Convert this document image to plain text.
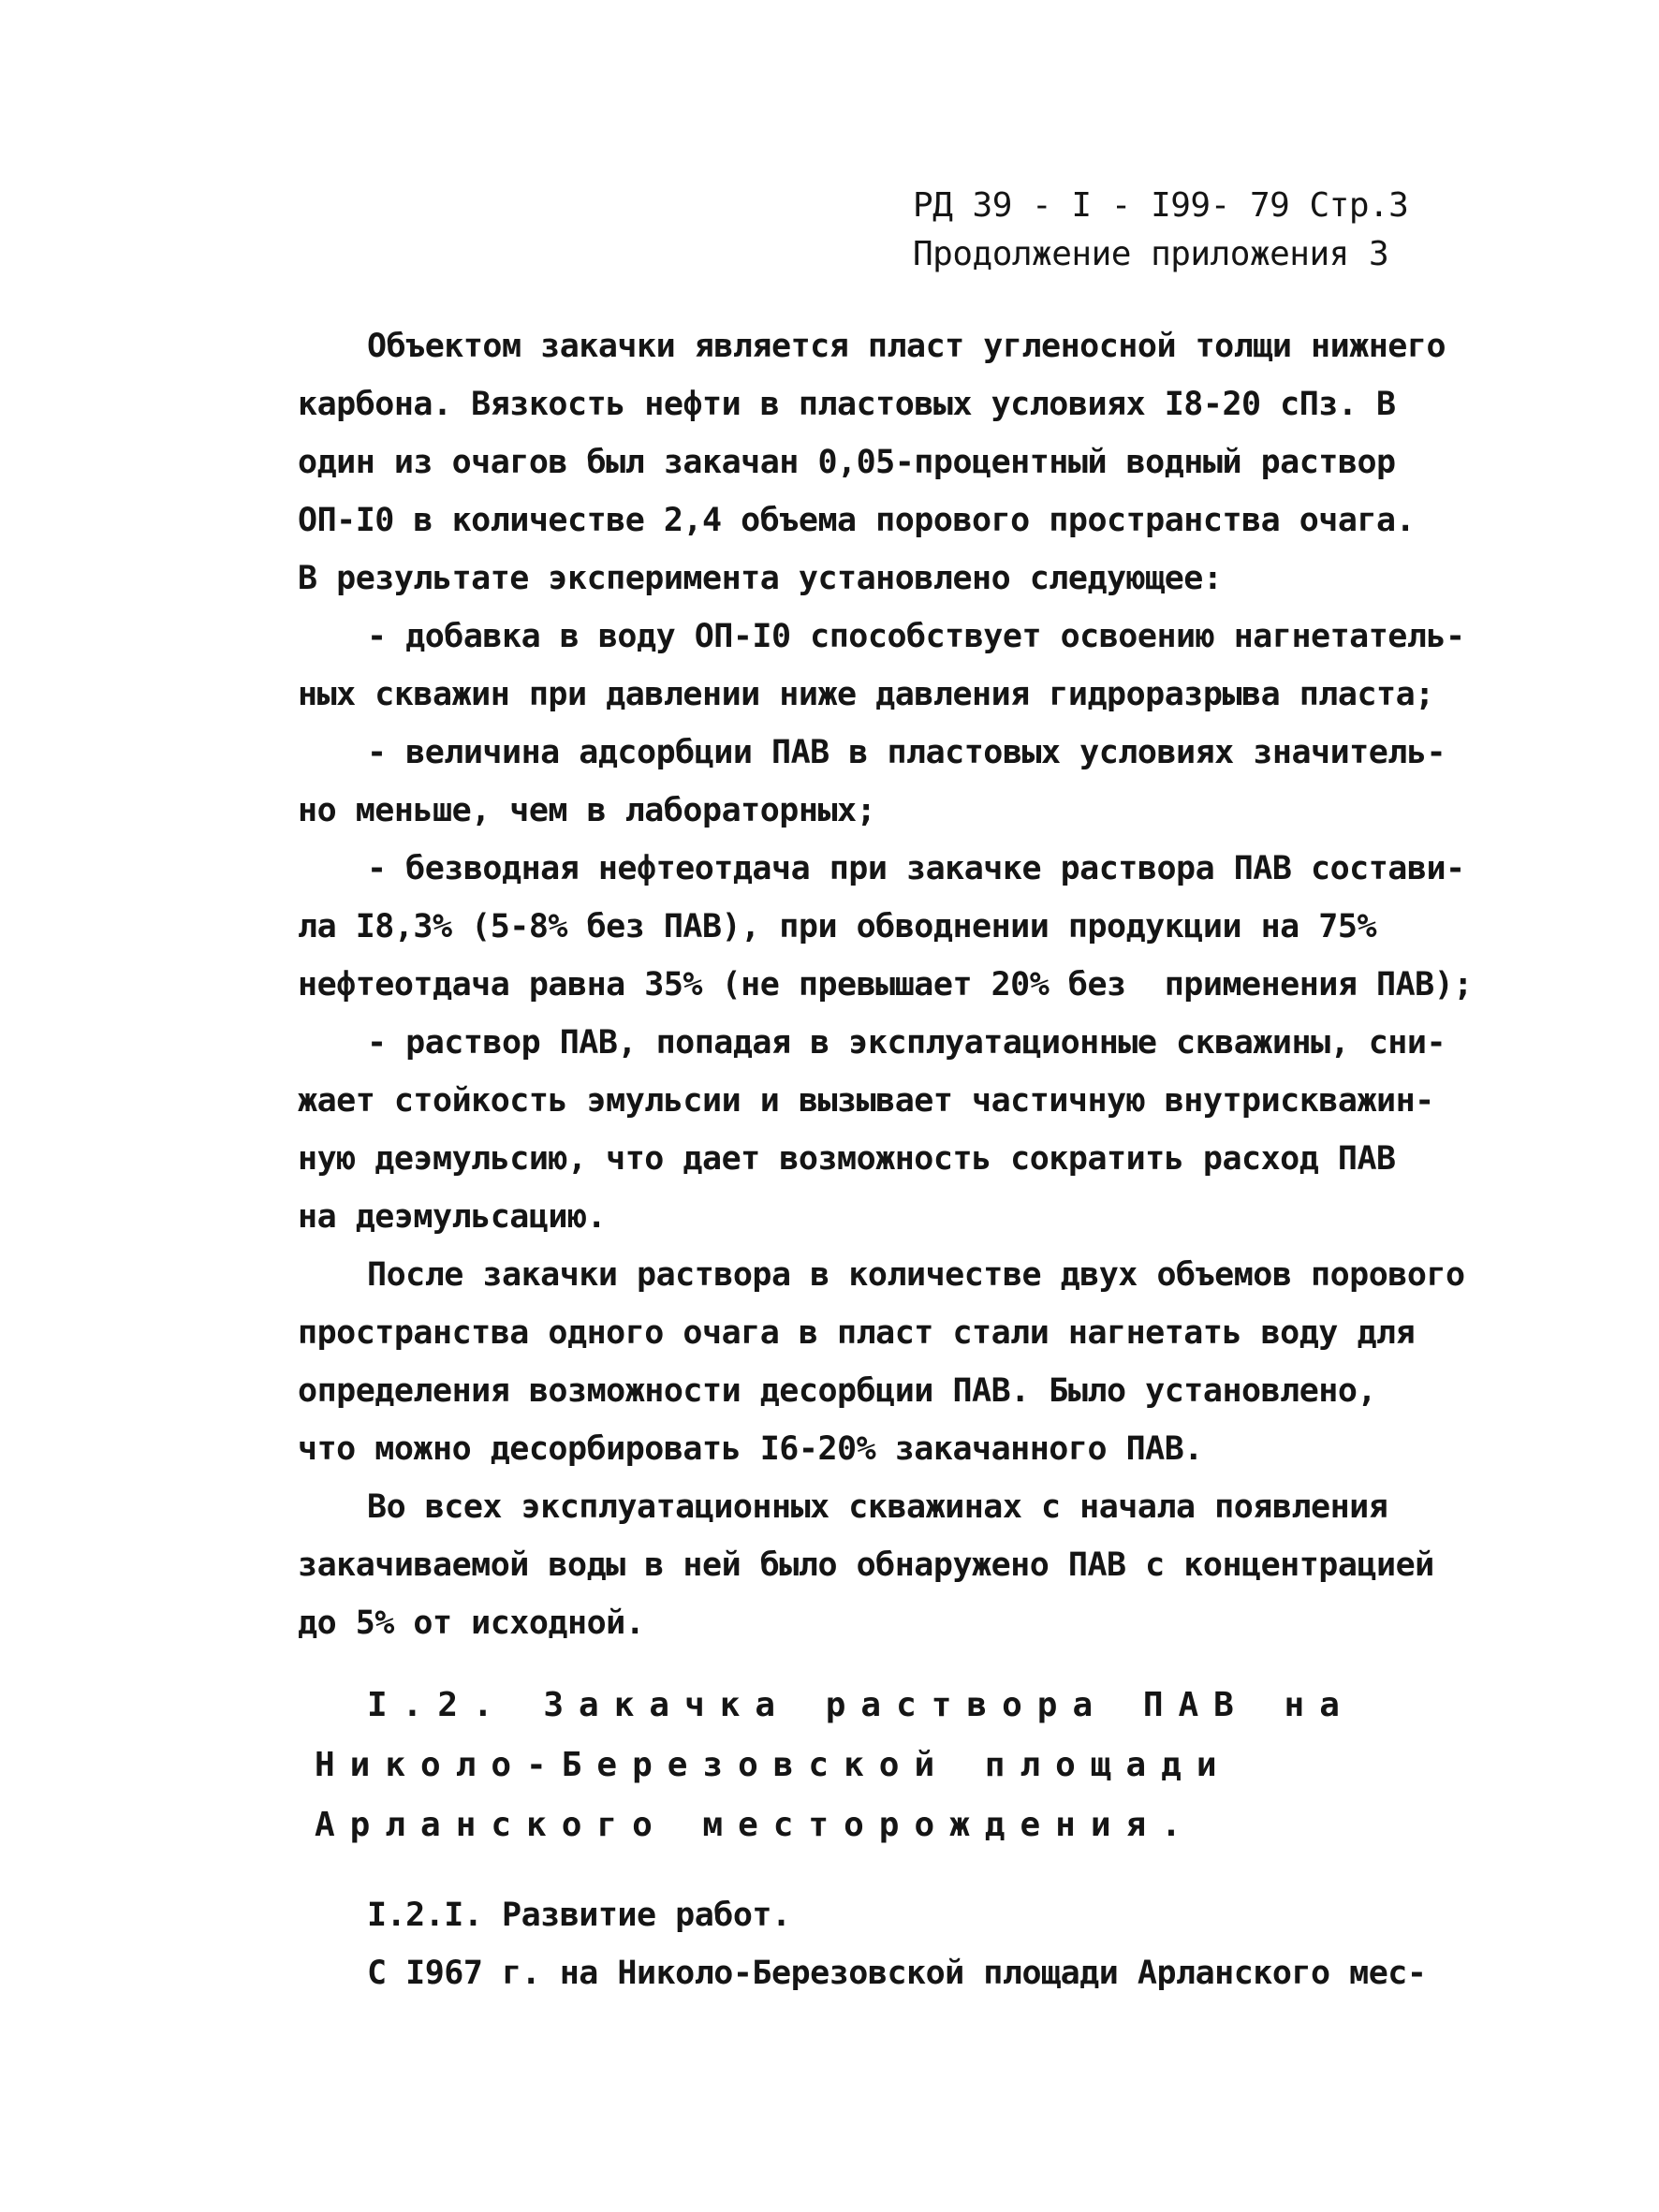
РД 39 - I - I99- 79 Стр.3
Продолжение приложения 3
Объектом закачки является пласт угленосной толщи нижнего
карбона. Вязкость нефти в пластовых условиях I8-20 сПз. В
один из очагов был закачан 0,05-процентный водный раствор
ОП-I0 в количестве 2,4 объема порового пространства очага.
В результате эксперимента установлено следующее:
- добавка в воду ОП-I0 способствует освоению нагнетатель-
ных скважин при давлении ниже давления гидроразрыва пласта;
- величина адсорбции ПАВ в пластовых условиях значитель-
но меньше, чем в лабораторных;
- безводная нефтеотдача при закачке раствора ПАВ состави-
ла I8,3% (5-8% без ПАВ), при обводнении продукции на 75%
нефтеотдача равна 35% (не превышает 20% без  применения ПАВ);
- раствор ПАВ, попадая в эксплуатационные скважины, сни-
жает стойкость эмульсии и вызывает частичную внутрискважин-
ную деэмульсию, что дает возможность сократить расход ПАВ
на деэмульсацию.
После закачки раствора в количестве двух объемов порового
пространства одного очага в пласт стали нагнетать воду для
определения возможности десорбции ПАВ. Было установлено,
что можно десорбировать I6-20% закачанного ПАВ.
Во всех эксплуатационных скважинах с начала появления
закачиваемой воды в ней было обнаружено ПАВ с концентрацией
до 5% от исходной.
I.2. Закачка раствора ПАВ на
Николо-Березовской площади
Арланского месторождения.
I.2.I. Развитие работ.
С I967 г. на Николо-Березовской площади Арланского мес-
